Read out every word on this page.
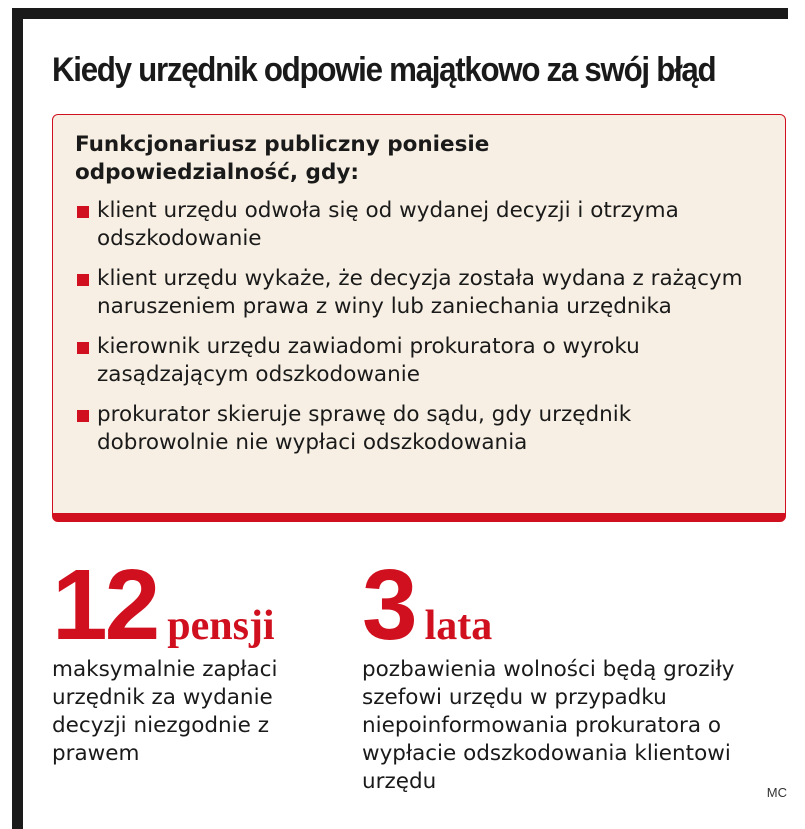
Kiedy urzędnik odpowie majątkowo za swój błąd

Funkcjonariusz publiczny poniesie odpowiedzialność, gdy:

klient urzędu odwoła się od wydanej decyzji i otrzyma odszkodowanie
klient urzędu wykaże, że decyzja została wydana z rażącym naruszeniem prawa z winy lub zaniechania urzędnika
kierownik urzędu zawiadomi prokuratora o wyroku zasądzającym odszkodowanie
prokurator skieruje sprawę do sądu, gdy urzędnik dobrowolnie nie wypłaci odszkodowania
12 pensji
maksymalnie zapłaci urzędnik za wydanie decyzji niezgodnie z prawem
3 lata
pozbawienia wolności będą groziły szefowi urzędu w przypadku niepoinformowania prokuratora o wypłacie odszkodowania klientowi urzędu	MC
